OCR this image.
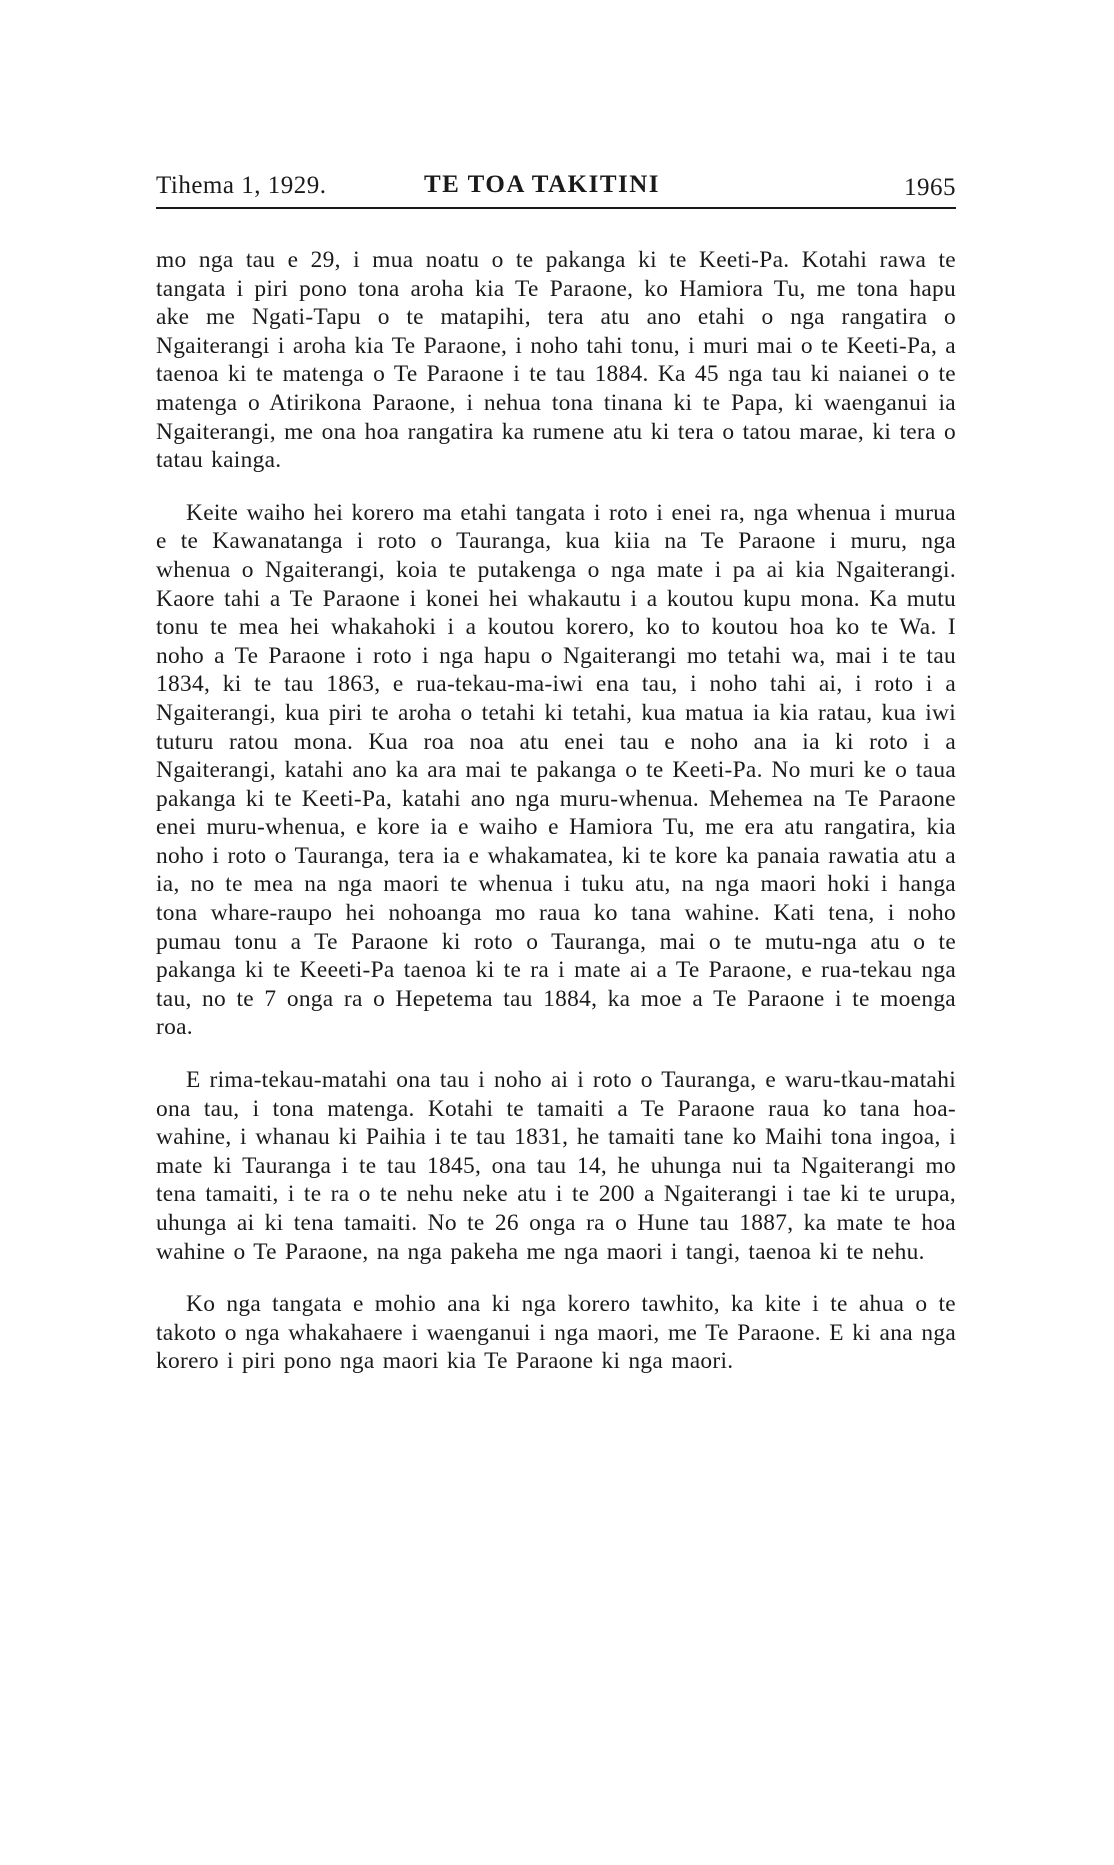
Tihema 1, 1929.	TE TOA TAKITINI	1965

mo nga tau e 29, i mua noatu o te pakanga ki te Keeti-Pa. Kotahi rawa te tangata i piri pono tona aroha kia Te Paraone, ko Hamiora Tu, me tona hapu ake me Ngati-Tapu o te matapihi, tera atu ano etahi o nga rangatira o Ngaiterangi i aroha kia Te Paraone, i noho tahi tonu, i muri mai o te Keeti-Pa, a taenoa ki te matenga o Te Paraone i te tau 1884. Ka 45 nga tau ki naianei o te matenga o Atirikona Paraone, i nehua tona tinana ki te Papa, ki waenganui ia Ngaiterangi, me ona hoa rangatira ka rumene atu ki tera o tatou marae, ki tera o tatau kainga.

Keite waiho hei korero ma etahi tangata i roto i enei ra, nga whenua i murua e te Kawanatanga i roto o Tauranga, kua kiia na Te Paraone i muru, nga whenua o Ngaiterangi, koia te putakenga o nga mate i pa ai kia Ngaiterangi. Kaore tahi a Te Paraone i konei hei whakautu i a koutou kupu mona. Ka mutu tonu te mea hei whakahoki i a koutou korero, ko to koutou hoa ko te Wa. I noho a Te Paraone i roto i nga hapu o Ngaiterangi mo tetahi wa, mai i te tau 1834, ki te tau 1863, e rua-tekau-ma-iwi ena tau, i noho tahi ai, i roto i a Ngaiterangi, kua piri te aroha o tetahi ki tetahi, kua matua ia kia ratau, kua iwi tuturu ratou mona. Kua roa noa atu enei tau e noho ana ia ki roto i a Ngaiterangi, katahi ano ka ara mai te pakanga o te Keeti-Pa. No muri ke o taua pakanga ki te Keeti-Pa, katahi ano nga muru-whenua. Mehemea na Te Paraone enei muru-whenua, e kore ia e waiho e Hamiora Tu, me era atu rangatira, kia noho i roto o Tauranga, tera ia e whakamatea, ki te kore ka panaia rawatia atu a ia, no te mea na nga maori te whenua i tuku atu, na nga maori hoki i hanga tona whare-raupo hei nohoanga mo raua ko tana wahine. Kati tena, i noho pumau tonu a Te Paraone ki roto o Tauranga, mai o te mutu-nga atu o te pakanga ki te Keeeti-Pa taenoa ki te ra i mate ai a Te Paraone, e rua-tekau nga tau, no te 7 onga ra o Hepetema tau 1884, ka moe a Te Paraone i te moenga roa.

E rima-tekau-matahi ona tau i noho ai i roto o Tauranga, e waru-tkau-matahi ona tau, i tona matenga. Kotahi te tamaiti a Te Paraone raua ko tana hoa-wahine, i whanau ki Paihia i te tau 1831, he tamaiti tane ko Maihi tona ingoa, i mate ki Tauranga i te tau 1845, ona tau 14, he uhunga nui ta Ngaiterangi mo tena tamaiti, i te ra o te nehu neke atu i te 200 a Ngaiterangi i tae ki te urupa, uhunga ai ki tena tamaiti. No te 26 onga ra o Hune tau 1887, ka mate te hoa wahine o Te Paraone, na nga pakeha me nga maori i tangi, taenoa ki te nehu.

Ko nga tangata e mohio ana ki nga korero tawhito, ka kite i te ahua o te takoto o nga whakahaere i waenganui i nga maori, me Te Paraone. E ki ana nga korero i piri pono nga maori kia Te Paraone ki nga maori.
